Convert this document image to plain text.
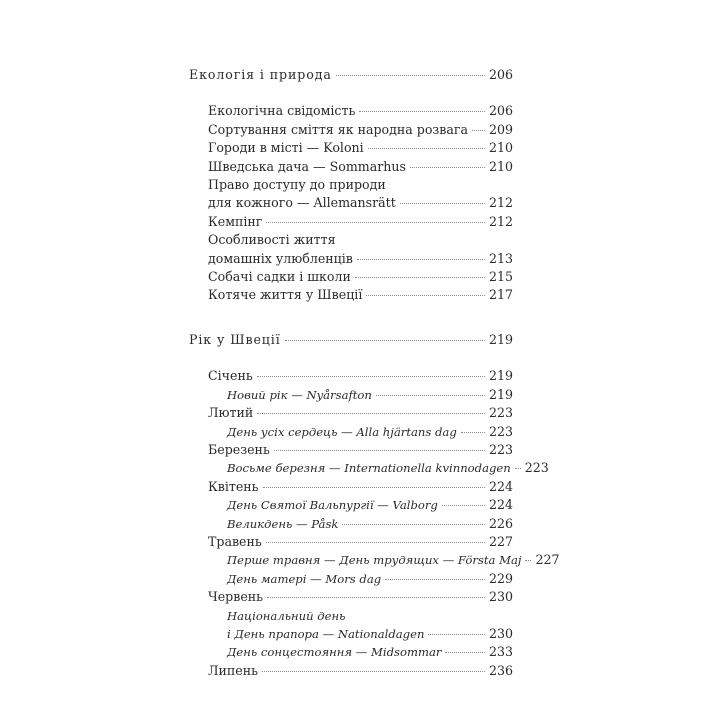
Екологія і природа	206
Екологічна свідомість	206
Сортування сміття як народна розвага 209
Городи в місті — Koloni	210
Шведська дача — Sommarhus	210
Право доступу до природи
для кожного — Allemansrätt	212
Кемпінг	212
Особливості життя
домашніх улюбленців	213
Собачі садки і школи	215
Котяче життя у Швеції	217
Рік у Швеції	219
Січень	219
Новий рік — Nyårsafton	219
Лютий	223
День усіх сердець — Alla hjärtans dag	223
Березень	223
Восьме березня — Internationella kvinnodagen 223
Квітень	224
День Святої Вальпургії — Valborg	224
Великдень — Påsk	226
Травень	227
Перше травня — День трудящих — Första Maj 227
День матері — Mors dag	229
Червень	230
Національний день
і День прапора — Nationaldagen	230
День сонцестояння — Midsommar	233
Липень	236
